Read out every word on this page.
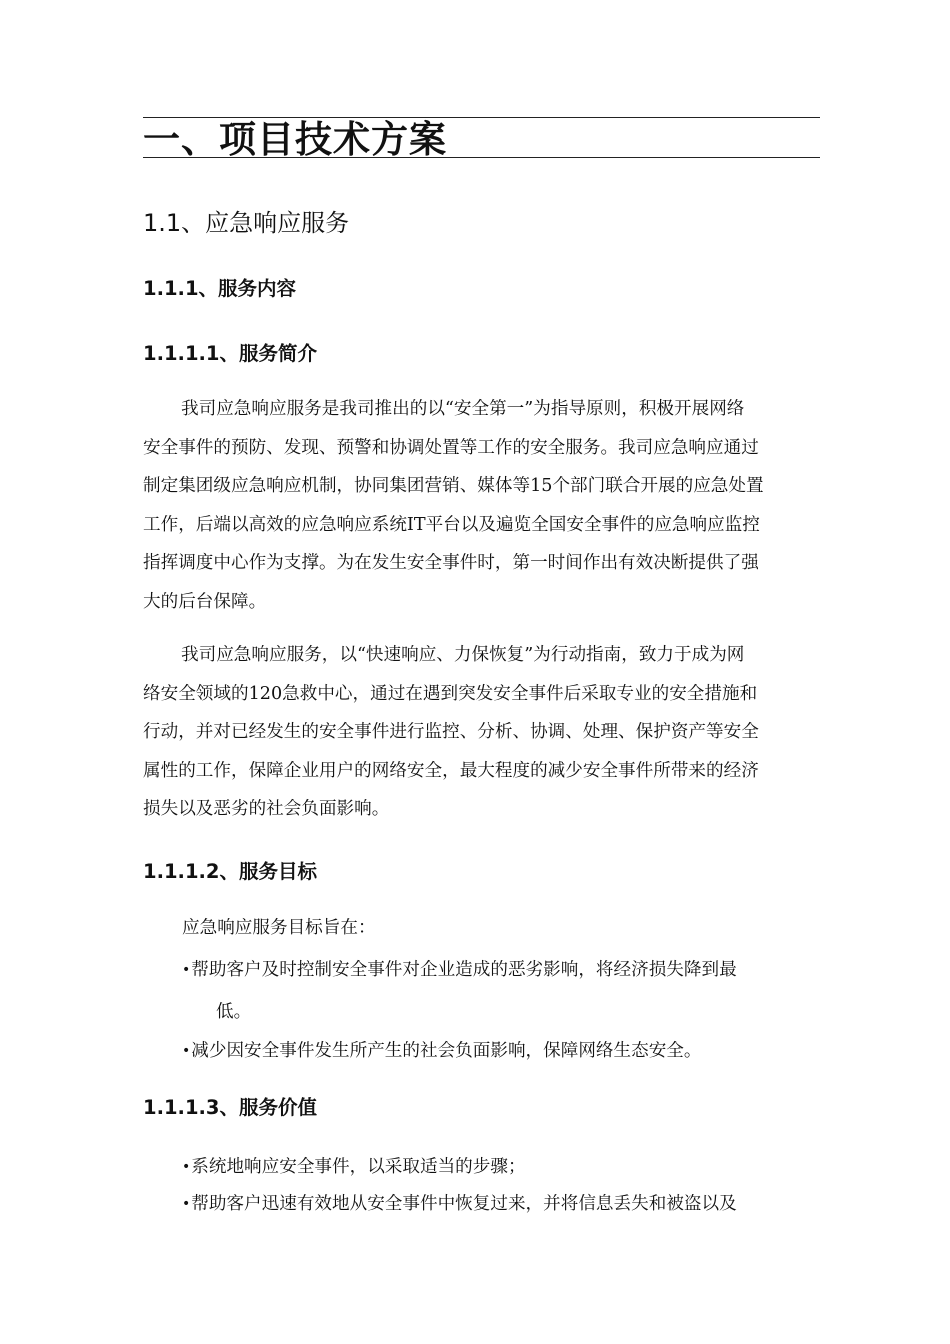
一、项目技术方案
1.1、应急响应服务
1.1.1、服务内容
1.1.1.1、服务简介

我司应急响应服务是我司推出的以“安全第一”为指导原则，积极开展网络
安全事件的预防、发现、预警和协调处置等工作的安全服务。我司应急响应通过
制定集团级应急响应机制，协同集团营销、媒体等15个部门联合开展的应急处置
工作，后端以高效的应急响应系统IT平台以及遍览全国安全事件的应急响应监控
指挥调度中心作为支撑。为在发生安全事件时，第一时间作出有效决断提供了强
大的后台保障。

我司应急响应服务，以“快速响应、力保恢复”为行动指南，致力于成为网
络安全领域的120急救中心，通过在遇到突发安全事件后采取专业的安全措施和
行动，并对已经发生的安全事件进行监控、分析、协调、处理、保护资产等安全
属性的工作，保障企业用户的网络安全，最大程度的减少安全事件所带来的经济
损失以及恶劣的社会负面影响。

1.1.1.2、服务目标
应急响应服务目标旨在：
•帮助客户及时控制安全事件对企业造成的恶劣影响，将经济损失降到最
低。
•减少因安全事件发生所产生的社会负面影响，保障网络生态安全。
1.1.1.3、服务价值
•系统地响应安全事件，以采取适当的步骤；
•帮助客户迅速有效地从安全事件中恢复过来，并将信息丢失和被盗以及
